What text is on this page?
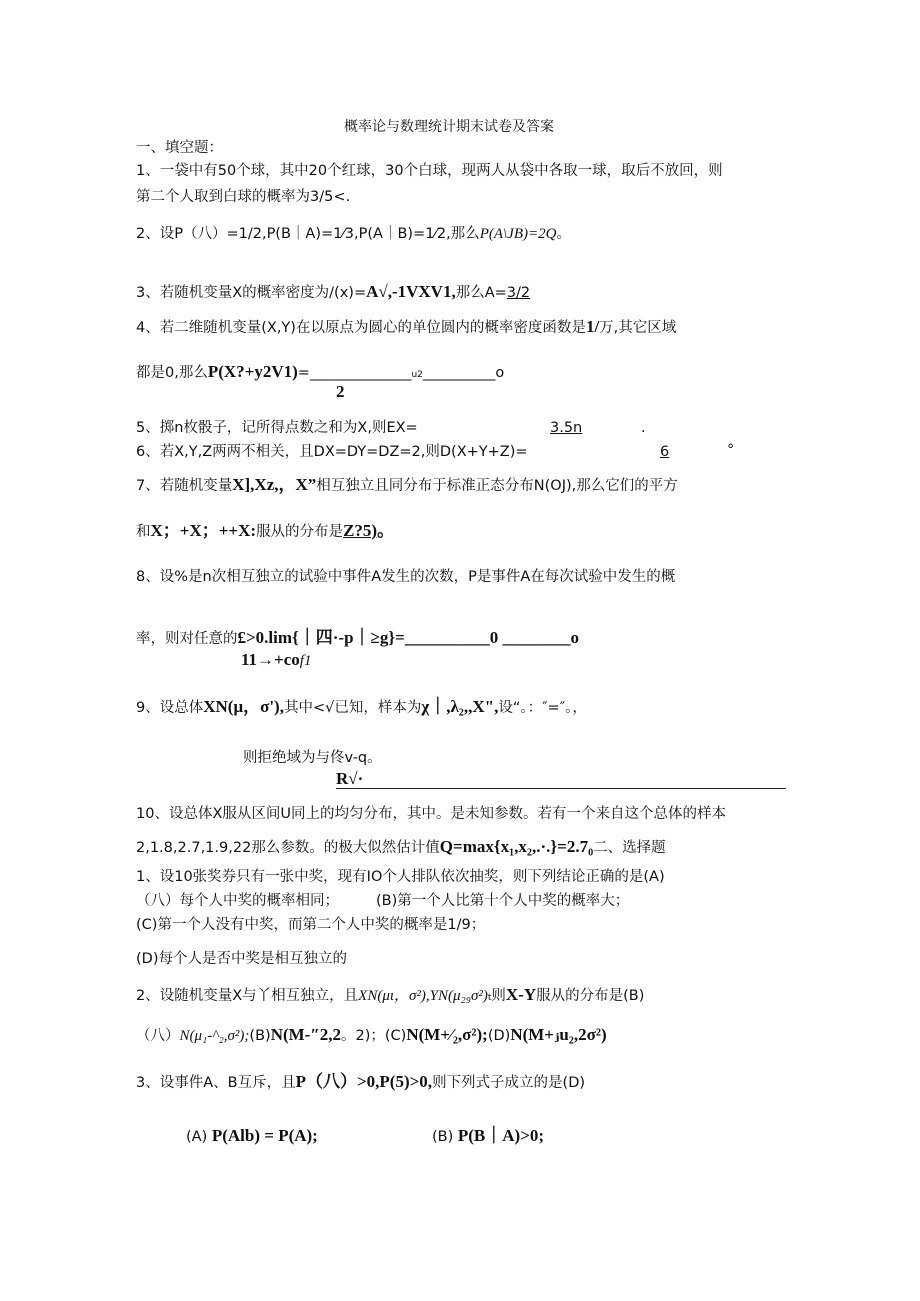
概率论与数理统计期末试卷及答案
一、填空题：
1、一袋中有50个球，其中20个红球，30个白球，现两人从袋中各取一球，取后不放回，则
第二个人取到白球的概率为3/5<.
2、设P（八）=1/2,P(B｜A)=1⁄3,P(A｜B)=1⁄2,那么P(A\JB)=2Q。
3、若随机变量X的概率密度为/(x)=A√,-1VXV1,那么A=3/2
4、若二维随机变量(X,Y)在以原点为圆心的单位圆内的概率密度函数是1/万,其它区域
都是0,那么P(X?+y2V1)=______________u2__________o
2
5、掷n枚骰子，记所得点数之和为X,则EX=	3.5n	.
6、若X,Y,Z两两不相关，且DX=DY=DZ=2,则D(X+Y+Z)=	6	°
7、若随机变量X],Xz,，X”相互独立且同分布于标准正态分布N(OJ),那么它们的平方
和X；+X；++X:服从的分布是Z?5)。
8、设%是n次相互独立的试验中事件A发生的次数，P是事件A在每次试验中发生的概
率，则对任意的£>0.lim{｜四·-p｜≥g}=__________0 ________o
11→+cof1
9、设总体XN(μ，σ'),其中<√已知，样本为χ｜,λ₂,,X",设“。：″=″。，
则拒绝域为与佟v-q。
R√·
10、设总体X服从区间U同上的均匀分布，其中。是未知参数。若有一个来自这个总体的样本
2,1.8,2.7,1.9,22那么参数。的极大似然估计值Q=max{x₁,x₂,.·.}=2.7₀二、选择题
1、设10张奖券只有一张中奖，现有IO个人排队依次抽奖，则下列结论正确的是(A)
（八）每个人中奖的概率相同；	(B)第一个人比第十个人中奖的概率大；
(C)第一个人没有中奖，而第二个人中奖的概率是1/9；
(D)每个人是否中奖是相互独立的
2、设随机变量X与丫相互独立，且XN(μι，σ²),YN(μ₂₉σ²)t则X-Y服从的分布是(B)
（八）N(μ₁-^₂,σ²);(B)N(M-″2,2。2)；(C)N(M+⁄₂,σ²);(D)N(M+ⱼu₂,2σ²)
3、设事件A、B互斥，且P（八）>0,P(5)>0,则下列式子成立的是(D)
(A) P(Alb) = P(A);	(B) P(B｜A)>0;
